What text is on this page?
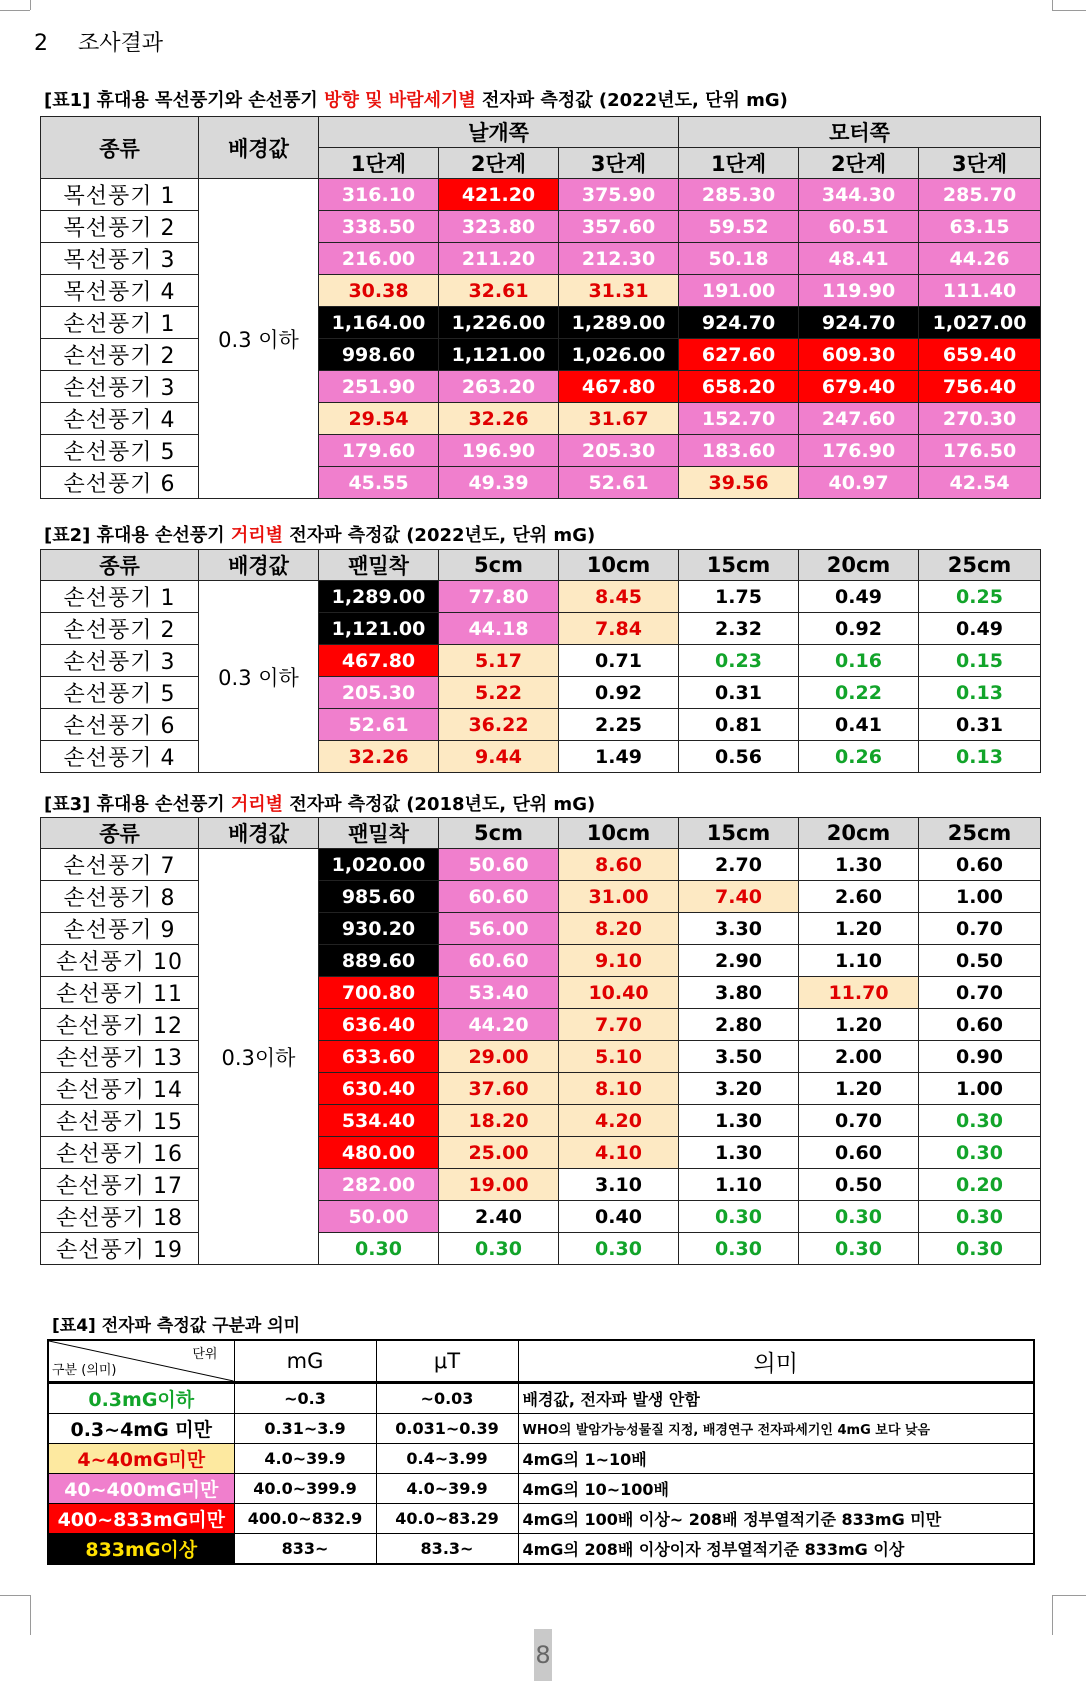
2 조사결과
[표1] 휴대용 목선풍기와 손선풍기 방향 및 바람세기별 전자파 측정값 (2022년도, 단위 mG)
종류	배경값	날개쪽			모터쪽		
		1단계	2단계	3단계	1단계	2단계	3단계
목선풍기 1	0.3 이하	316.10	421.20	375.90	285.30	344.30	285.70
목선풍기 2		338.50	323.80	357.60	59.52	60.51	63.15
목선풍기 3		216.00	211.20	212.30	50.18	48.41	44.26
목선풍기 4		30.38	32.61	31.31	191.00	119.90	111.40
손선풍기 1		1,164.00	1,226.00	1,289.00	924.70	924.70	1,027.00
손선풍기 2		998.60	1,121.00	1,026.00	627.60	609.30	659.40
손선풍기 3		251.90	263.20	467.80	658.20	679.40	756.40
손선풍기 4		29.54	32.26	31.67	152.70	247.60	270.30
손선풍기 5		179.60	196.90	205.30	183.60	176.90	176.50
손선풍기 6		45.55	49.39	52.61	39.56	40.97	42.54
[표2] 휴대용 손선풍기 거리별 전자파 측정값 (2022년도, 단위 mG)
종류	배경값	팬밀착	5cm	10cm	15cm	20cm	25cm
손선풍기 1	0.3 이하	1,289.00	77.80	8.45	1.75	0.49	0.25
손선풍기 2		1,121.00	44.18	7.84	2.32	0.92	0.49
손선풍기 3		467.80	5.17	0.71	0.23	0.16	0.15
손선풍기 5		205.30	5.22	0.92	0.31	0.22	0.13
손선풍기 6		52.61	36.22	2.25	0.81	0.41	0.31
손선풍기 4		32.26	9.44	1.49	0.56	0.26	0.13
[표3] 휴대용 손선풍기 거리별 전자파 측정값 (2018년도, 단위 mG)
종류	배경값	팬밀착	5cm	10cm	15cm	20cm	25cm
손선풍기 7	0.3이하	1,020.00	50.60	8.60	2.70	1.30	0.60
손선풍기 8		985.60	60.60	31.00	7.40	2.60	1.00
손선풍기 9		930.20	56.00	8.20	3.30	1.20	0.70
손선풍기 10		889.60	60.60	9.10	2.90	1.10	0.50
손선풍기 11		700.80	53.40	10.40	3.80	11.70	0.70
손선풍기 12		636.40	44.20	7.70	2.80	1.20	0.60
손선풍기 13		633.60	29.00	5.10	3.50	2.00	0.90
손선풍기 14		630.40	37.60	8.10	3.20	1.20	1.00
손선풍기 15		534.40	18.20	4.20	1.30	0.70	0.30
손선풍기 16		480.00	25.00	4.10	1.30	0.60	0.30
손선풍기 17		282.00	19.00	3.10	1.10	0.50	0.20
손선풍기 18		50.00	2.40	0.40	0.30	0.30	0.30
손선풍기 19		0.30	0.30	0.30	0.30	0.30	0.30
[표4] 전자파 측정값 구분과 의미
단위
구분 (의미)	mG	μT	의미
0.3mG이하	~0.3	~0.03	배경값, 전자파 발생 안함
0.3~4mG 미만	0.31~3.9	0.031~0.39	WHO의 발암가능성물질 지정, 배경연구 전자파세기인 4mG 보다 낮음
4~40mG미만	4.0~39.9	0.4~3.99	4mG의 1~10배
40~400mG미만	40.0~399.9	4.0~39.9	4mG의 10~100배
400~833mG미만	400.0~832.9	40.0~83.29	4mG의 100배 이상~ 208배 정부열적기준 833mG 미만
833mG이상	833~	83.3~	4mG의 208배 이상이자 정부열적기준 833mG 이상
8
